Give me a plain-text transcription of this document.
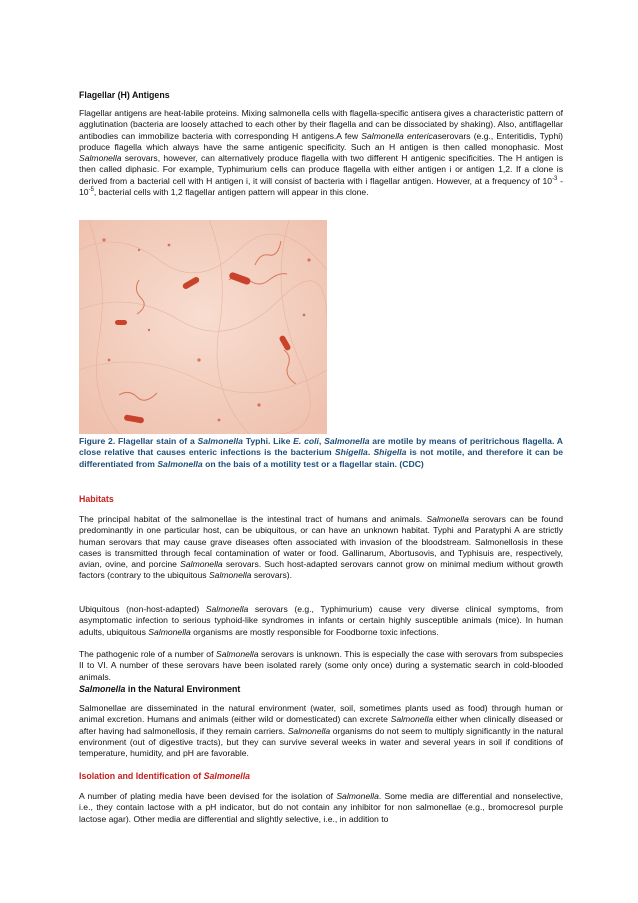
Flagellar (H) Antigens

Flagellar antigens are heat-labile proteins. Mixing salmonella cells with flagella-specific antisera gives a characteristic pattern of agglutination (bacteria are loosely attached to each other by their flagella and can be dissociated by shaking). Also, antiflagellar antibodies can immobilize bacteria with corresponding H antigens.A few Salmonella entericaserovars (e.g., Enteritidis, Typhi) produce flagella which always have the same antigenic specificity. Such an H antigen is then called monophasic. Most Salmonella serovars, however, can alternatively produce flagella with two different H antigenic specificities. The H antigen is then called diphasic. For example, Typhimurium cells can produce flagella with either antigen i or antigen 1,2. If a clone is derived from a bacterial cell with H antigen i, it will consist of bacteria with i flagellar antigen. However, at a frequency of $10^{-3} - 10^{-5}$, bacterial cells with 1,2 flagellar antigen pattern will appear in this clone.

Figure 2. Flagellar stain of a Salmonella Typhi. Like E. coli, Salmonella are motile by means of peritrichous flagella. A close relative that causes enteric infections is the bacterium Shigella. Shigella is not motile, and therefore it can be differentiated from Salmonella on the bais of a motility test or a flagellar stain. (CDC)

Habitats

The principal habitat of the salmonellae is the intestinal tract of humans and animals. Salmonella serovars can be found predominantly in one particular host, can be ubiquitous, or can have an unknown habitat. Typhi and Paratyphi A are strictly human serovars that may cause grave diseases often associated with invasion of the bloodstream. Salmonellosis in these cases is transmitted through fecal contamination of water or food. Gallinarum, Abortusovis, and Typhisuis are, respectively, avian, ovine, and porcine Salmonella serovars. Such host-adapted serovars cannot grow on minimal medium without growth factors (contrary to the ubiquitous Salmonella serovars).

Ubiquitous (non-host-adapted) Salmonella serovars (e.g., Typhimurium) cause very diverse clinical symptoms, from asymptomatic infection to serious typhoid-like syndromes in infants or certain highly susceptible animals (mice). In human adults, ubiquitous Salmonella organisms are mostly responsible for Foodborne toxic infections.

The pathogenic role of a number of Salmonella serovars is unknown. This is especially the case with serovars from subspecies II to VI. A number of these serovars have been isolated rarely (some only once) during a systematic search in cold-blooded animals.

Salmonella in the Natural Environment

Salmonellae are disseminated in the natural environment (water, soil, sometimes plants used as food) through human or animal excretion. Humans and animals (either wild or domesticated) can excrete Salmonella either when clinically diseased or after having had salmonellosis, if they remain carriers. Salmonella organisms do not seem to multiply significantly in the natural environment (out of digestive tracts), but they can survive several weeks in water and several years in soil if conditions of temperature, humidity, and pH are favorable.

Isolation and Identification of Salmonella

A number of plating media have been devised for the isolation of Salmonella. Some media are differential and nonselective, i.e., they contain lactose with a pH indicator, but do not contain any inhibitor for non salmonellae (e.g., bromocresol purple lactose agar). Other media are differential and slightly selective, i.e., in addition to
